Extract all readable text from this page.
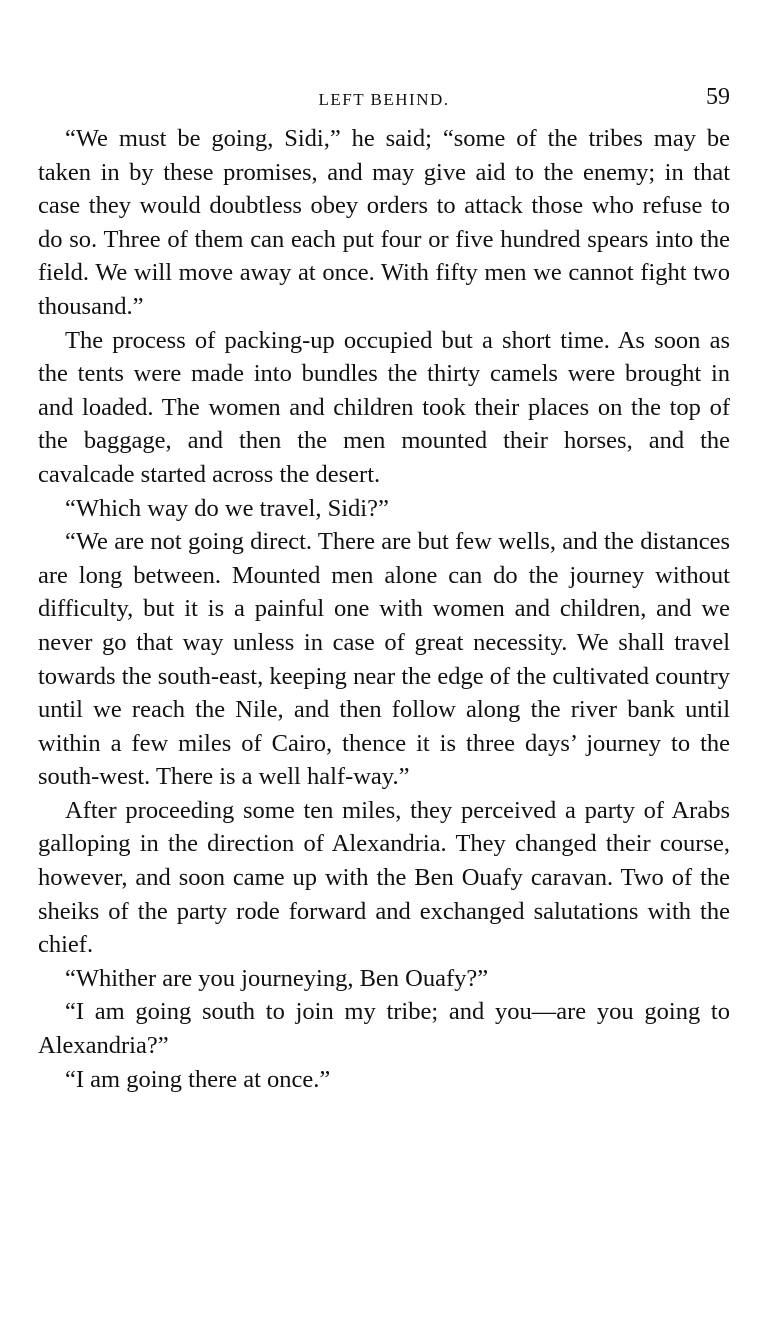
LEFT BEHIND.	59

“We must be going, Sidi,” he said; “some of the tribes may be taken in by these promises, and may give aid to the enemy; in that case they would doubtless obey orders to attack those who refuse to do so. Three of them can each put four or five hundred spears into the field. We will move away at once. With fifty men we cannot fight two thousand.”

The process of packing-up occupied but a short time. As soon as the tents were made into bundles the thirty camels were brought in and loaded. The women and children took their places on the top of the baggage, and then the men mounted their horses, and the cavalcade started across the desert.

“Which way do we travel, Sidi?”

“We are not going direct. There are but few wells, and the distances are long between. Mounted men alone can do the journey without difficulty, but it is a painful one with women and children, and we never go that way unless in case of great necessity. We shall travel towards the south-east, keeping near the edge of the cultivated country until we reach the Nile, and then follow along the river bank until within a few miles of Cairo, thence it is three days’ journey to the south-west. There is a well half-way.”

After proceeding some ten miles, they perceived a party of Arabs galloping in the direction of Alexandria. They changed their course, however, and soon came up with the Ben Ouafy caravan. Two of the sheiks of the party rode forward and exchanged salutations with the chief.

“Whither are you journeying, Ben Ouafy?”

“I am going south to join my tribe; and you—are you going to Alexandria?”

“I am going there at once.”
